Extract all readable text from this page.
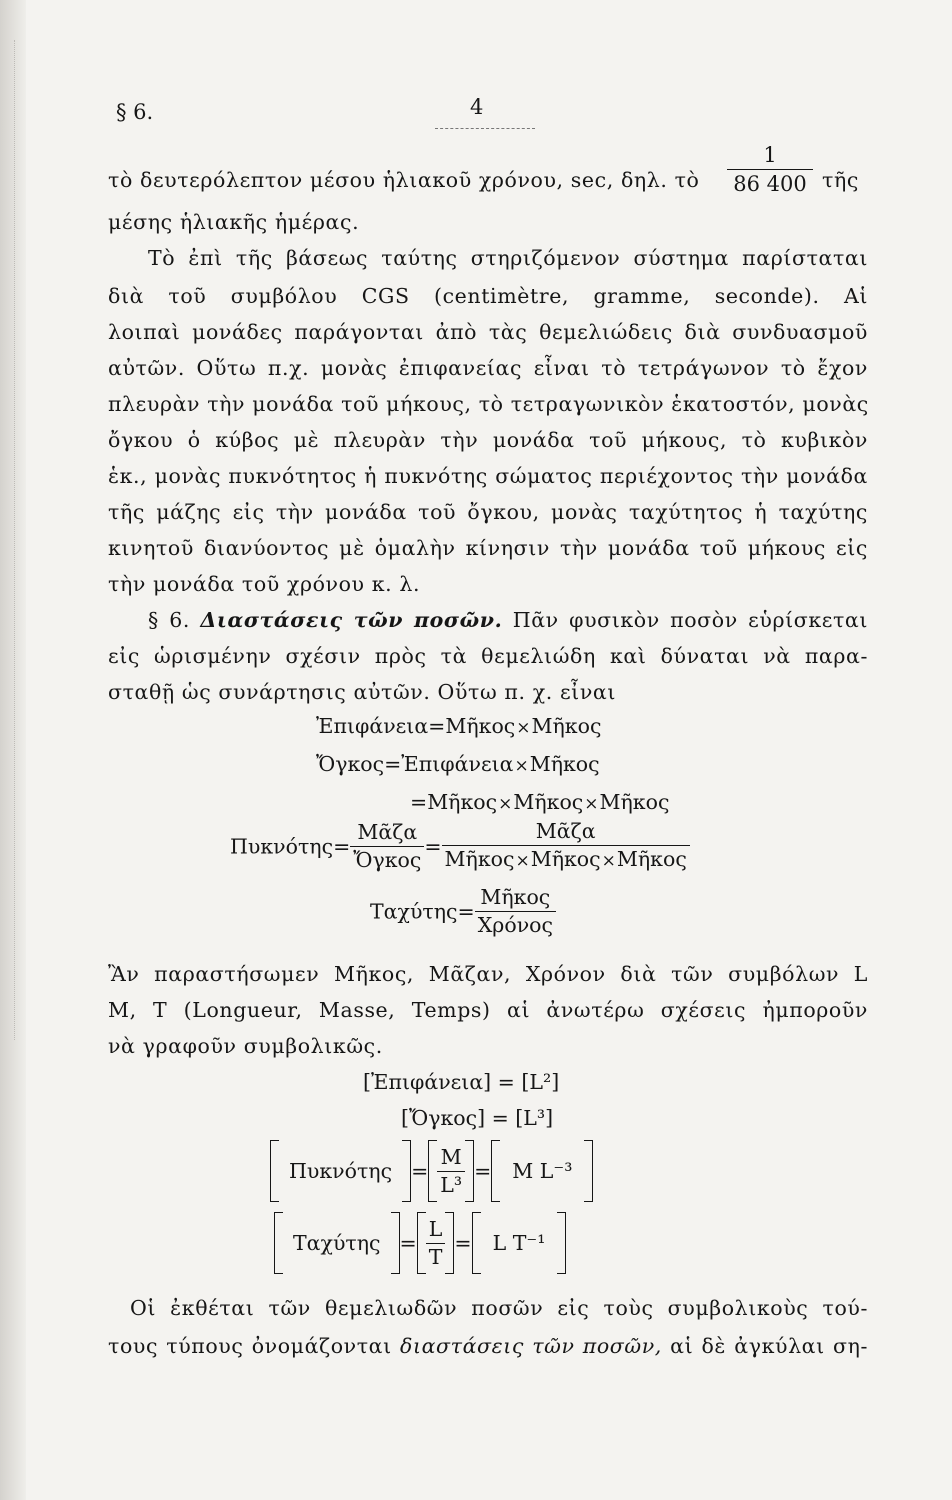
§ 6.	4
τὸ δευτερόλεπτον μέσου ἡλιακοῦ χρόνου, sec, δηλ. τὸ
1
86 400 τῆς
μέσης ἡλιακῆς ἡμέρας.
Τὸ ἐπὶ τῆς βάσεως ταύτης στηριζόμενον σύστημα παρίσταται
διὰ τοῦ συμβόλου CGS (centimètre, gramme, seconde). Αἱ
λοιπαὶ μονάδες παράγονται ἀπὸ τὰς θεμελιώδεις διὰ συνδυασμοῦ
αὐτῶν. Οὕτω π.χ. μονὰς ἐπιφανείας εἶναι τὸ τετράγωνον τὸ ἔχον
πλευρὰν τὴν μονάδα τοῦ μήκους, τὸ τετραγωνικὸν ἑκατοστόν, μονὰς
ὄγκου ὁ κύβος μὲ πλευρὰν τὴν μονάδα τοῦ μήκους, τὸ κυβικὸν
ἑκ., μονὰς πυκνότητος ἡ πυκνότης σώματος περιέχοντος τὴν μονάδα
τῆς μάζης εἰς τὴν μονάδα τοῦ ὄγκου, μονὰς ταχύτητος ἡ ταχύτης
κινητοῦ διανύοντος μὲ ὁμαλὴν κίνησιν τὴν μονάδα τοῦ μήκους εἰς
τὴν μονάδα τοῦ χρόνου κ. λ.
§ 6. Διαστάσεις τῶν ποσῶν. Πᾶν φυσικὸν ποσὸν εὑρίσκεται
εἰς ὡρισμένην σχέσιν πρὸς τὰ θεμελιώδη καὶ δύναται νὰ παρα-
σταθῇ ὡς συνάρτησις αὐτῶν. Οὕτω π. χ. εἶναι
Ἐπιφάνεια=Μῆκος×Μῆκος
Ὄγκος=Ἐπιφάνεια×Μῆκος
=Μῆκος×Μῆκος×Μῆκος
Πυκνότης=
Μᾶζα
Ὄγκος
=
Μᾶζα
Μῆκος×Μῆκος×Μῆκος
Ταχύτης=
Μῆκος
Χρόνος
Ἂν παραστήσωμεν Μῆκος, Μᾶζαν, Χρόνον διὰ τῶν συμβόλων L
M, T (Longueur, Masse, Temps) αἱ ἀνωτέρω σχέσεις ἠμποροῦν
νὰ γραφοῦν συμβολικῶς.
[Ἐπιφάνεια] = [L²]
[Ὄγκος] = [L³]
$\Pi\upsilon\kappa\nu ό\tau\eta\varsigma = \frac{M}{\text{L³}} = M$ L⁻³
$T\alpha\chi ύ\tau\eta\varsigma = \frac{L}{T} = L$ T⁻¹
Οἱ ἐκθέται τῶν θεμελιωδῶν ποσῶν εἰς τοὺς συμβολικοὺς τού-
τους τύπους ὀνομάζονται διαστάσεις τῶν ποσῶν, αἱ δὲ ἀγκύλαι ση-
